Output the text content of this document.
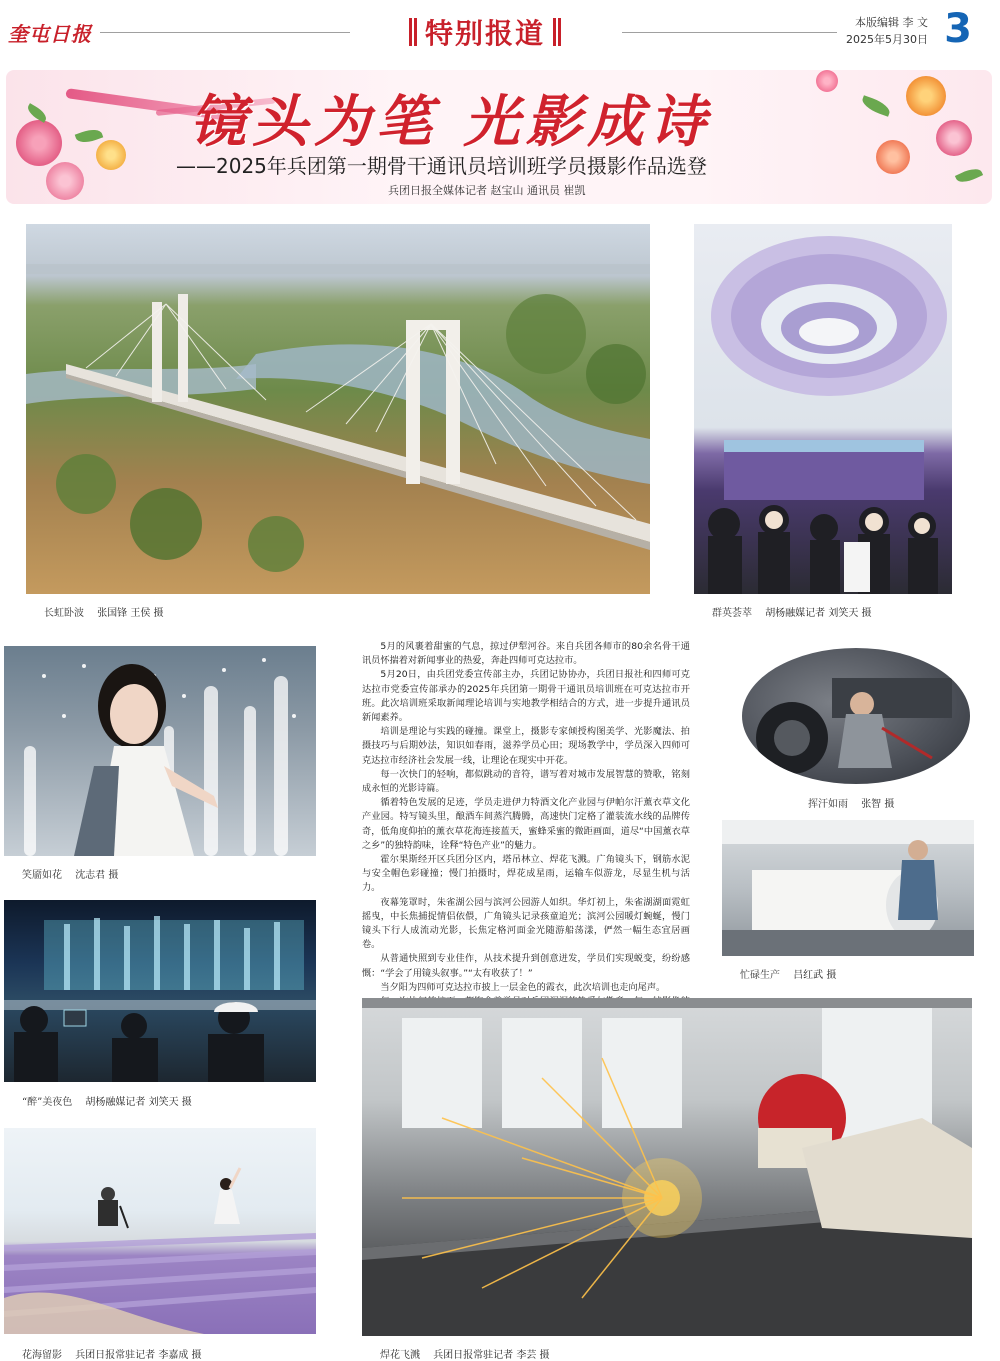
奎屯日报	特别报道	本版编辑 李 文
2025年5月30日 3
镜头为笔 光影成诗
——2025年兵团第一期骨干通讯员培训班学员摄影作品选登
兵团日报全媒体记者 赵宝山 通讯员 崔凯
长虹卧波 张国锋 王侯 摄	群英荟萃 胡杨融媒记者 刘笑天 摄
笑靥如花 沈志君 摄

5月的风裹着甜蜜的气息，掠过伊犁河谷。来自兵团各师市的80余名骨干通讯员怀揣着对新闻事业的热爱，奔赴四师可克达拉市。

5月20日，由兵团党委宣传部主办，兵团记协协办，兵团日报社和四师可克达拉市党委宣传部承办的2025年兵团第一期骨干通讯员培训班在可克达拉市开班。此次培训班采取新闻理论培训与实地教学相结合的方式，进一步提升通讯员新闻素养。

培训是理论与实践的碰撞。课堂上，摄影专家倾授构图美学、光影魔法、拍摄技巧与后期妙法，知识如春雨，滋养学员心田；现场教学中，学员深入四师可克达拉市经济社会发展一线，让理论在现实中开花。

每一次快门的轻响，都似跳动的音符，谱写着对城市发展智慧的赞歌，铭刻成永恒的光影诗篇。

循着特色发展的足迹，学员走进伊力特酒文化产业园与伊帕尔汗薰衣草文化产业园。特写镜头里，酿酒车间蒸汽腾腾，高速快门定格了灌装流水线的品牌传奇，低角度仰拍的薰衣草花海连接蓝天，蜜蜂采蜜的微距画面，道尽“中国薰衣草之乡”的独特韵味，诠释“特色产业”的魅力。

霍尔果斯经开区兵团分区内，塔吊林立、焊花飞溅。广角镜头下，钢筋水泥与安全帽色彩碰撞；慢门拍摄时，焊花成星雨，运输车似游龙，尽显生机与活力。

夜幕笼罩时，朱雀湖公园与滨河公园游人如织。华灯初上，朱雀湖湖面霓虹摇曳，中长焦捕捉情侣依偎，广角镜头记录孩童追光；滨河公园暖灯蜿蜒，慢门镜头下行人成流动光影，长焦定格河面金光随游船荡漾，俨然一幅生态宜居画卷。

从普通快照到专业佳作，从技术提升到创意迸发，学员们实现蜕变，纷纷感慨：“学会了用镜头叙事。”“太有收获了！”

当夕阳为四师可克达拉市披上一层金色的霞衣，此次培训也走向尾声。

挥汗如雨 张智 摄
“醉”美夜色 胡杨融媒记者 刘笑天 摄
忙碌生产 吕红武 摄
花海留影 兵团日报常驻记者 李嘉成 摄	焊花飞溅 兵团日报常驻记者 李芸 摄
